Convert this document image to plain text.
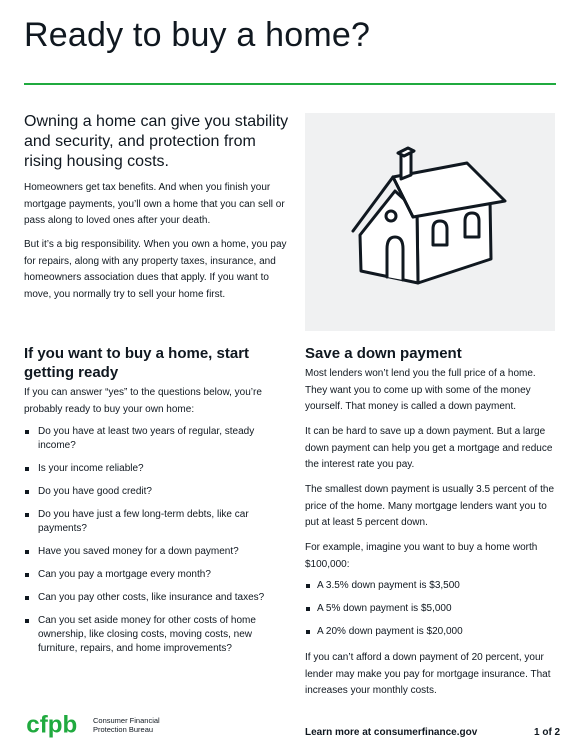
Ready to buy a home?

Owning a home can give you stability and security, and protection from rising housing costs.

Homeowners get tax benefits. And when you finish your mortgage payments, you’ll own a home that you can sell or pass along to loved ones after your death.

But it’s a big responsibility. When you own a home, you pay for repairs, along with any property taxes, insurance, and homeowners association dues that apply. If you want to move, you normally try to sell your home first.

If you want to buy a home, start getting ready

If you can answer “yes” to the questions below, you’re probably ready to buy your own home:

Do you have at least two years of regular, steady income?
Is your income reliable?
Do you have good credit?
Do you have just a few long-term debts, like car payments?
Have you saved money for a down payment?
Can you pay a mortgage every month?
Can you pay other costs, like insurance and taxes?
Can you set aside money for other costs of home ownership, like closing costs, moving costs, new furniture, repairs, and home improvements?
Save a down payment

Most lenders won’t lend you the full price of a home. They want you to come up with some of the money yourself. That money is called a down payment.

It can be hard to save up a down payment. But a large down payment can help you get a mortgage and reduce the interest rate you pay.

The smallest down payment is usually 3.5 percent of the price of the home. Many mortgage lenders want you to put at least 5 percent down.

For example, imagine you want to buy a home worth $100,000:

A 3.5% down payment is $3,500
A 5% down payment is $5,000
A 20% down payment is $20,000

If you can’t afford a down payment of 20 percent, your lender may make you pay for mortgage insurance. That increases your monthly costs.

cfpb Consumer Financial
Protection Bureau	Learn more at consumerfinance.gov	1 of 2
